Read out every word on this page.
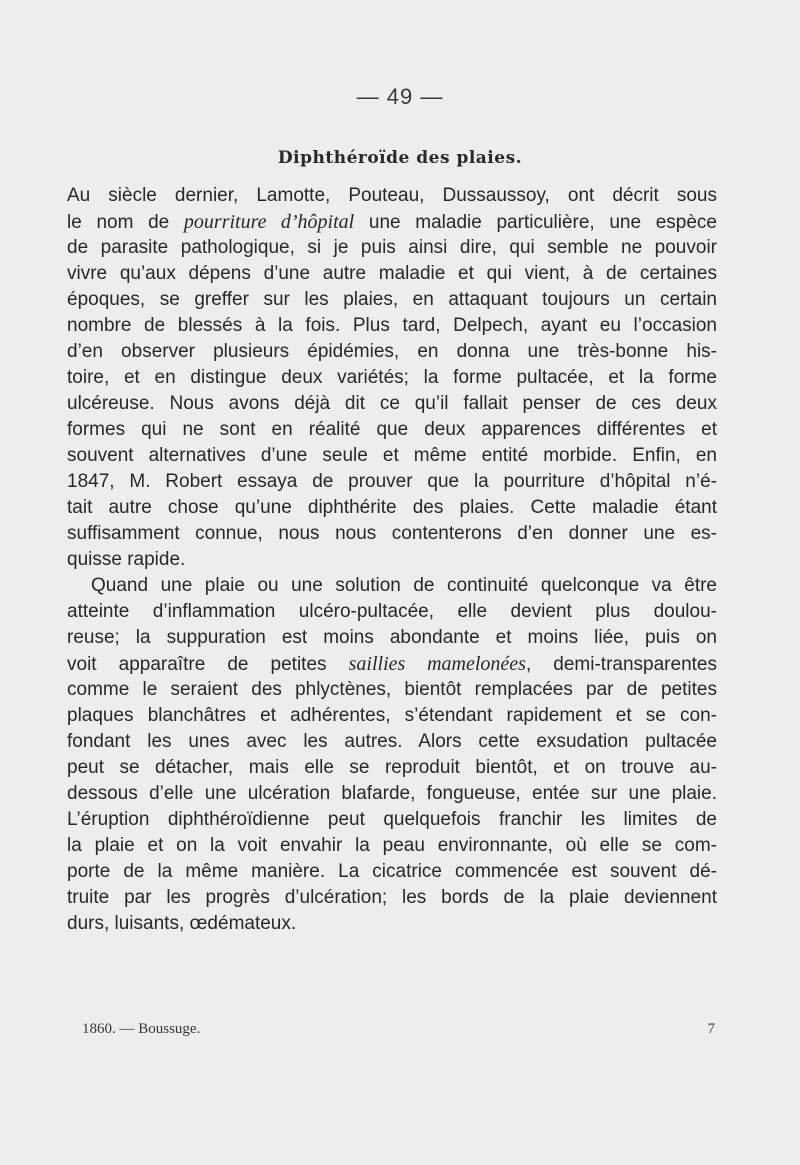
— 49 —
Diphthéroïde des plaies.
Au siècle dernier, Lamotte, Pouteau, Dussaussoy, ont décrit sous
le nom de pourriture d’hôpital une maladie particulière, une espèce
de parasite pathologique, si je puis ainsi dire, qui semble ne pouvoir
vivre qu’aux dépens d’une autre maladie et qui vient, à de certaines
époques, se greffer sur les plaies, en attaquant toujours un certain
nombre de blessés à la fois. Plus tard, Delpech, ayant eu l’occasion
d’en observer plusieurs épidémies, en donna une très-bonne his-
toire, et en distingue deux variétés; la forme pultacée, et la forme
ulcéreuse. Nous avons déjà dit ce qu’il fallait penser de ces deux
formes qui ne sont en réalité que deux apparences différentes et
souvent alternatives d’une seule et même entité morbide. Enfin, en
1847, M. Robert essaya de prouver que la pourriture d’hôpital n’é-
tait autre chose qu’une diphthérite des plaies. Cette maladie étant
suffisamment connue, nous nous contenterons d’en donner une es-
quisse rapide.
Quand une plaie ou une solution de continuité quelconque va être
atteinte d’inflammation ulcéro-pultacée, elle devient plus doulou-
reuse; la suppuration est moins abondante et moins liée, puis on
voit apparaître de petites saillies mamelonées, demi-transparentes
comme le seraient des phlyctènes, bientôt remplacées par de petites
plaques blanchâtres et adhérentes, s’étendant rapidement et se con-
fondant les unes avec les autres. Alors cette exsudation pultacée
peut se détacher, mais elle se reproduit bientôt, et on trouve au-
dessous d’elle une ulcération blafarde, fongueuse, entée sur une plaie.
L’éruption diphthéroïdienne peut quelquefois franchir les limites de
la plaie et on la voit envahir la peau environnante, où elle se com-
porte de la même manière. La cicatrice commencée est souvent dé-
truite par les progrès d’ulcération; les bords de la plaie deviennent
durs, luisants, œdémateux.
1860. — Boussuge.	7
